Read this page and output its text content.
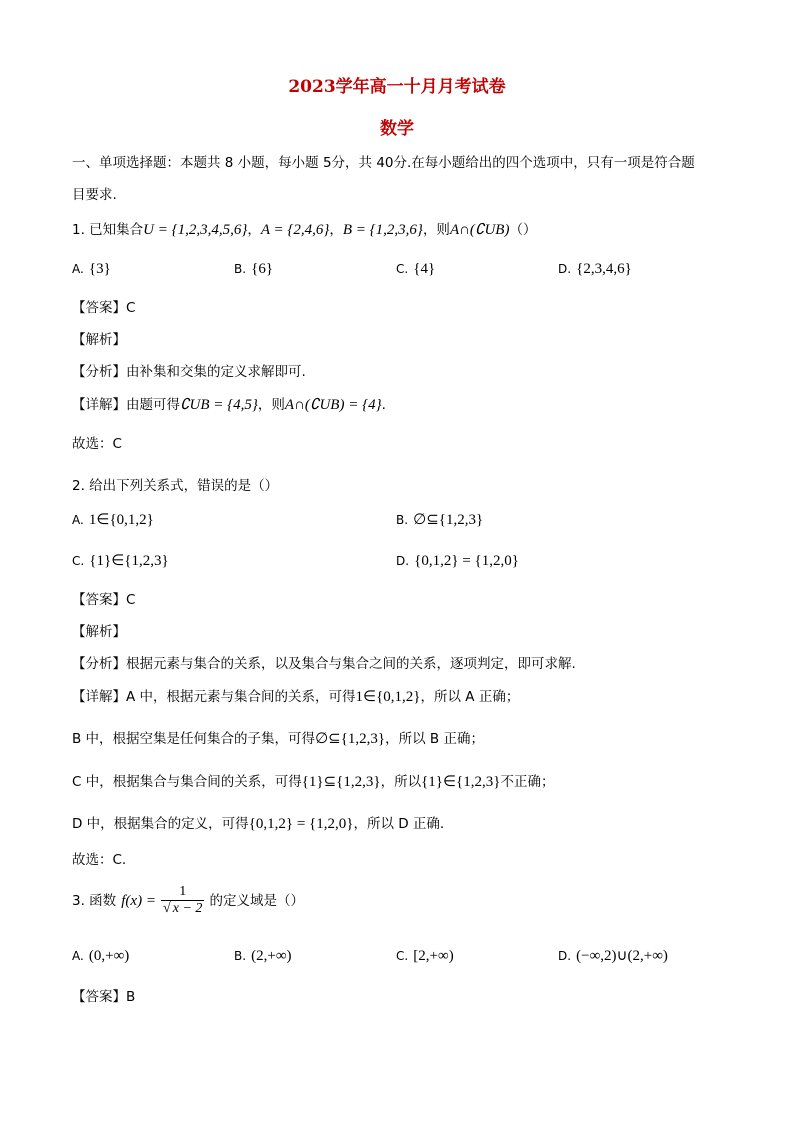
2023学年高一十月月考试卷
数学
一、单项选择题：本题共 8 小题，每小题 5分，共 40分.在每小题给出的四个选项中，只有一项是符合题
目要求.
1. 已知集合U = {1,2,3,4,5,6}，A = {2,4,6}，B = {1,2,3,6}，则A∩(∁UB)（）
A. {3}	B. {6}	C. {4}	D. {2,3,4,6}
【答案】C
【解析】
【分析】由补集和交集的定义求解即可.
【详解】由题可得∁UB = {4,5}，则A∩(∁UB) = {4}.
故选：C
2. 给出下列关系式，错误的是（）
A. 1∈{0,1,2}	B. ∅⊆{1,2,3}
C. {1}∈{1,2,3}	D. {0,1,2} = {1,2,0}
【答案】C
【解析】
【分析】根据元素与集合的关系，以及集合与集合之间的关系，逐项判定，即可求解.
【详解】A 中，根据元素与集合间的关系，可得1∈{0,1,2}，所以 A 正确；
B 中，根据空集是任何集合的子集，可得∅⊆{1,2,3}，所以 B 正确；
C 中，根据集合与集合间的关系，可得{1}⊆{1,2,3}，所以{1}∈{1,2,3}不正确；
D 中，根据集合的定义，可得{0,1,2} = {1,2,0}，所以 D 正确.
故选：C.
3. 函数 $f(x) = \frac{1}{√ x - 2}$ 的定义域是（）
A. (0,+∞)	B. (2,+∞)	C. [2,+∞)	D. (−∞,2)∪(2,+∞)
【答案】B
